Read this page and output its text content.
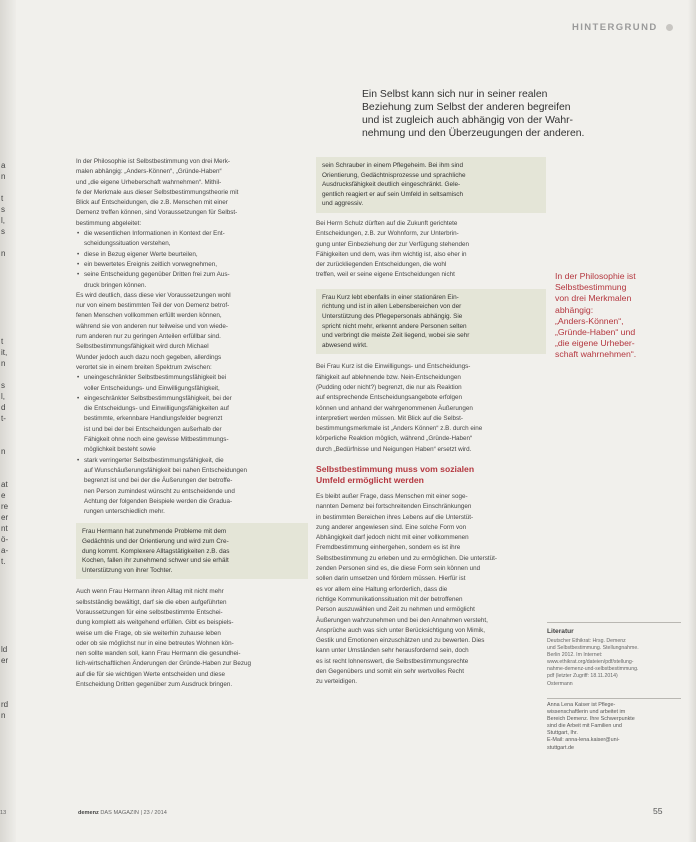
a
n
t
s
l,
s
n
t
it,
n
s
l,
d
t-
n
at
e
re
er
nt
ö-
a-
t.
ld
er
rd
n
HINTERGRUND
Ein Selbst kann sich nur in seiner realen
Beziehung zum Selbst der anderen begreifen
und ist zugleich auch abhängig von der Wahr-
nehmung und den Überzeugungen der anderen.
In der Philosophie ist Selbstbestimmung von drei Merk-
malen abhängig: „Anders-Können“, „Gründe-Haben“
und „die eigene Urheberschaft wahrnehmen“. Mithil-
fe der Merkmale aus dieser Selbstbestimmungstheorie mit
Blick auf Entscheidungen, die z.B. Menschen mit einer
Demenz treffen können, sind Voraussetzungen für Selbst-
bestimmung abgeleitet:
• die wesentlichen Informationen in Kontext der Ent-
scheidungssituation verstehen,
• diese in Bezug eigener Werte beurteilen,
• ein bewertetes Ereignis zeitlich vorwegnehmen,
• seine Entscheidung gegenüber Dritten frei zum Aus-
druck bringen können.
Es wird deutlich, dass diese vier Voraussetzungen wohl
nur von einem bestimmten Teil der von Demenz betrof-
fenen Menschen vollkommen erfüllt werden können,
während sie von anderen nur teilweise und von wiede-
rum anderen nur zu geringen Anteilen erfüllbar sind.
Selbstbestimmungsfähigkeit wird durch Michael
Wunder jedoch auch dazu noch gegeben, allerdings
verortet sie in einem breiten Spektrum zwischen:
• uneingeschränkter Selbstbestimmungsfähigkeit bei
voller Entscheidungs- und Einwilligungsfähigkeit,
• eingeschränkter Selbstbestimmungsfähigkeit, bei der
die Entscheidungs- und Einwilligungsfähigkeiten auf
bestimmte, erkennbare Handlungsfelder begrenzt
ist und bei der bei Entscheidungen außerhalb der
Fähigkeit ohne noch eine gewisse Mitbestimmungs-
möglichkeit besteht sowie
• stark verringerter Selbstbestimmungsfähigkeit, die
auf Wunschäußerungsfähigkeit bei nahen Entscheidungen
begrenzt ist und bei der die Äußerungen der betroffe-
nen Person zumindest wünscht zu entscheidende und
Achtung der folgenden Beispiele werden die Gradua-
rungen unterschiedlich mehr.
Frau Hermann hat zunehmende Probleme mit dem
Gedächtnis und der Orientierung und wird zum Cre-
dung kommt. Komplexere Alltagstätigkeiten z.B. das
Kochen, fallen ihr zunehmend schwer und sie erhält
Unterstützung von ihrer Tochter.
Auch wenn Frau Hermann ihren Alltag mit nicht mehr
selbstständig bewältigt, darf sie die eben aufgeführten
Voraussetzungen für eine selbstbestimmte Entschei-
dung komplett als weitgehend erfüllen. Gibt es beispiels-
weise um die Frage, ob sie weiterhin zuhause leben
oder ob sie möglichst nur in eine betreutes Wohnen kön-
nen sollte wanden soll, kann Frau Hermann die gesundhei-
lich-wirtschaftlichen Änderungen der Gründe-Haben zur Bezug
auf die für sie wichtigen Werte entscheiden und diese
Entscheidung Dritten gegenüber zum Ausdruck bringen.
sein Schrauber in einem Pflegeheim. Bei ihm sind
Orientierung, Gedächtnisprozesse und sprachliche
Ausdrucksfähigkeit deutlich eingeschränkt. Gele-
gentlich reagiert er auf sein Umfeld in seltsamisch
und aggressiv.
Bei Herrn Schulz dürften auf die Zukunft gerichtete
Entscheidungen, z.B. zur Wohnform, zur Unterbrin-
gung unter Einbeziehung der zur Verfügung stehenden
Fähigkeiten und dem, was ihm wichtig ist, also eher in
der zurückliegenden Entscheidungen, die wohl
treffen, weil er seine eigene Entscheidungen nicht
Frau Kurz lebt ebenfalls in einer stationären Ein-
richtung und ist in allen Lebensbereichen von der
Unterstützung des Pflegepersonals abhängig. Sie
spricht nicht mehr, erkennt andere Personen selten
und verbringt die meiste Zeit liegend, wobei sie sehr
abwesend wirkt.
Bei Frau Kurz ist die Einwilligungs- und Entscheidungs-
fähigkeit auf ablehnende bzw. Nein-Entscheidungen
(Pudding oder nicht?) begrenzt, die nur als Reaktion
auf entsprechende Entscheidungsangebote erfolgen
können und anhand der wahrgenommenen Äußerungen
interpretiert werden müssen. Mit Blick auf die Selbst-
bestimmungsmerkmale ist „Anders Können“ z.B. durch eine
körperliche Reaktion möglich, während „Gründe-Haben“
durch „Bedürfnisse und Neigungen Haben“ ersetzt wird.
Selbstbestimmung muss vom sozialen
Umfeld ermöglicht werden
Es bleibt außer Frage, dass Menschen mit einer soge-
nannten Demenz bei fortschreitenden Einschränkungen
in bestimmten Bereichen ihres Lebens auf die Unterstüt-
zung anderer angewiesen sind. Eine solche Form von
Abhängigkeit darf jedoch nicht mit einer vollkommenen
Fremdbestimmung einhergehen, sondern es ist ihre
Selbstbestimmung zu erleben und zu ermöglichen. Die unterstüt-
zenden Personen sind es, die diese Form sein können und
sollen darin umsetzen und fördern müssen. Hierfür ist
es vor allem eine Haltung erforderlich, dass die
richtige Kommunikationssituation mit der betroffenen
Person auszuwählen und Zeit zu nehmen und ermöglicht
Äußerungen wahrzunehmen und bei den Annahmen versteht,
Ansprüche auch was sich unter Berücksichtigung von Mimik,
Gestik und Emotionen einzuschätzen und zu bewerten. Dies
kann unter Umständen sehr herausfordernd sein, doch
es ist recht lohnenswert, die Selbstbestimmungsrechte
den Gegenübers und somit ein sehr wertvolles Recht
zu verteidigen.
In der Philosophie ist
Selbstbestimmung
von drei Merkmalen
abhängig:
„Anders-Können“,
„Gründe-Haben“ und
„die eigene Urheber-
schaft wahrnehmen“.
Literatur
Deutscher Ethikrat: Hrsg. Demenz
und Selbstbestimmung. Stellungnahme.
Berlin 2012. Im Internet:
www.ethikrat.org/dateien/pdf/stellung-
nahme-demenz-und-selbstbestimmung.
pdf (letzter Zugriff: 18.11.2014)
Ostermann
Anna Lena Kaiser ist Pflege-
wissenschaftlerin und arbeitet im
Bereich Demenz. Ihre Schwerpunkte
sind die Arbeit mit Familien und
Stuttgart, Ihr.
E-Mail: anna-lena.kaiser@uni-
stuttgart.de
13	demenz DAS MAGAZIN | 23 / 2014	55
